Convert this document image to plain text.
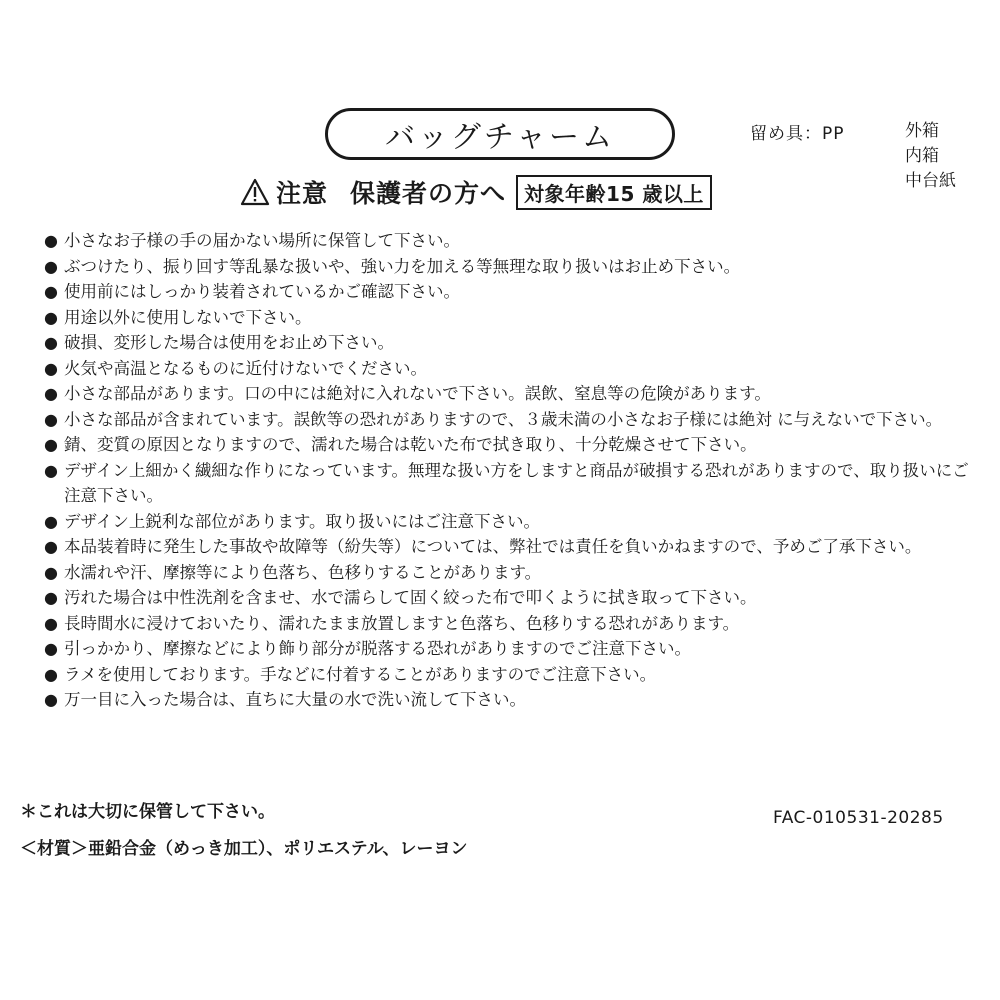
バッグチャーム	留め具：PP	外箱
内箱
中台紙
注意 保護者の方へ 対象年齢15 歳以上
● 小さなお子様の手の届かない場所に保管して下さい。
● ぶつけたり、振り回す等乱暴な扱いや、強い力を加える等無理な取り扱いはお止め下さい。
● 使用前にはしっかり装着されているかご確認下さい。
● 用途以外に使用しないで下さい。
● 破損、変形した場合は使用をお止め下さい。
● 火気や高温となるものに近付けないでください。
● 小さな部品があります。口の中には絶対に入れないで下さい。誤飲、窒息等の危険があります。
● 小さな部品が含まれています。誤飲等の恐れがありますので、３歳未満の小さなお子様には絶対 に与えないで下さい。
● 錆、変質の原因となりますので、濡れた場合は乾いた布で拭き取り、十分乾燥させて下さい。
● デザイン上細かく繊細な作りになっています。無理な扱い方をしますと商品が破損する恐れがありますので、取り扱いにご注意下さい。
● デザイン上鋭利な部位があります。取り扱いにはご注意下さい。
● 本品装着時に発生した事故や故障等（紛失等）については、弊社では責任を負いかねますので、予めご了承下さい。
● 水濡れや汗、摩擦等により色落ち、色移りすることがあります。
● 汚れた場合は中性洗剤を含ませ、水で濡らして固く絞った布で叩くように拭き取って下さい。
● 長時間水に浸けておいたり、濡れたまま放置しますと色落ち、色移りする恐れがあります。
● 引っかかり、摩擦などにより飾り部分が脱落する恐れがありますのでご注意下さい。
● ラメを使用しております。手などに付着することがありますのでご注意下さい。
● 万一目に入った場合は、直ちに大量の水で洗い流して下さい。
＊これは大切に保管して下さい。	FAC-010531-20285
＜材質＞亜鉛合金（めっき加工）、ポリエステル、レーヨン
